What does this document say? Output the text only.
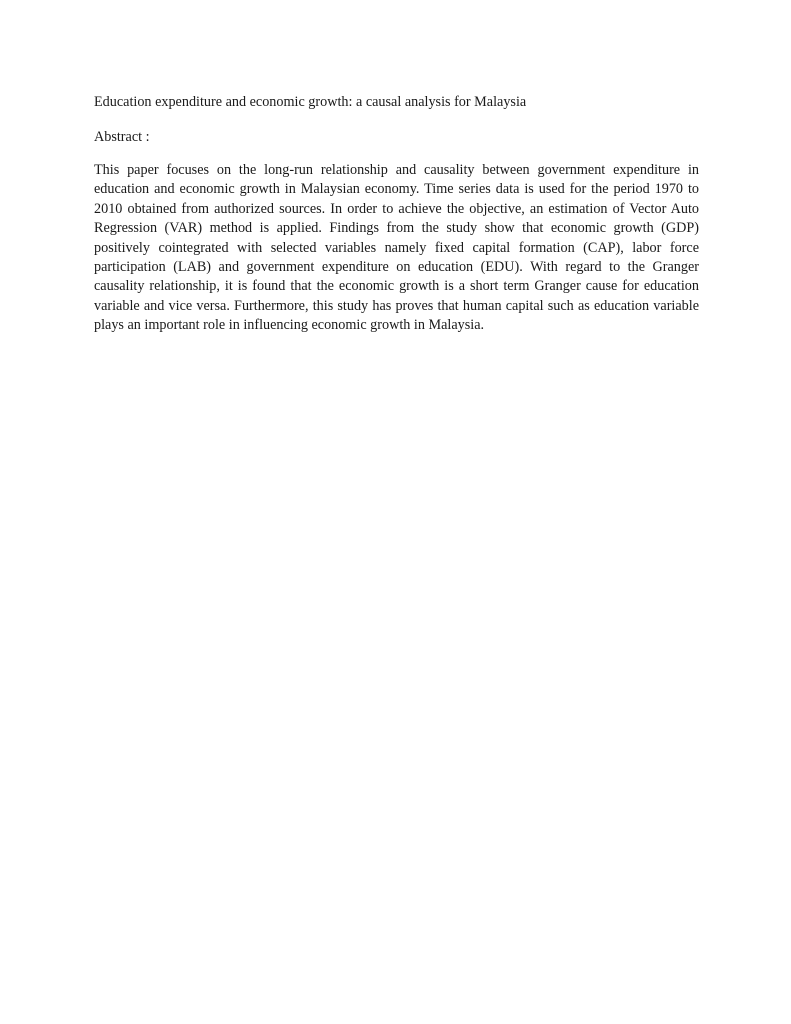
Education expenditure and economic growth: a causal analysis for Malaysia

Abstract :

This paper focuses on the long-run relationship and causality between government expenditure in education and economic growth in Malaysian economy. Time series data is used for the period 1970 to 2010 obtained from authorized sources. In order to achieve the objective, an estimation of Vector Auto Regression (VAR) method is applied. Findings from the study show that economic growth (GDP) positively cointegrated with selected variables namely fixed capital formation (CAP), labor force participation (LAB) and government expenditure on education (EDU). With regard to the Granger causality relationship, it is found that the economic growth is a short term Granger cause for education variable and vice versa. Furthermore, this study has proves that human capital such as education variable plays an important role in influencing economic growth in Malaysia.
